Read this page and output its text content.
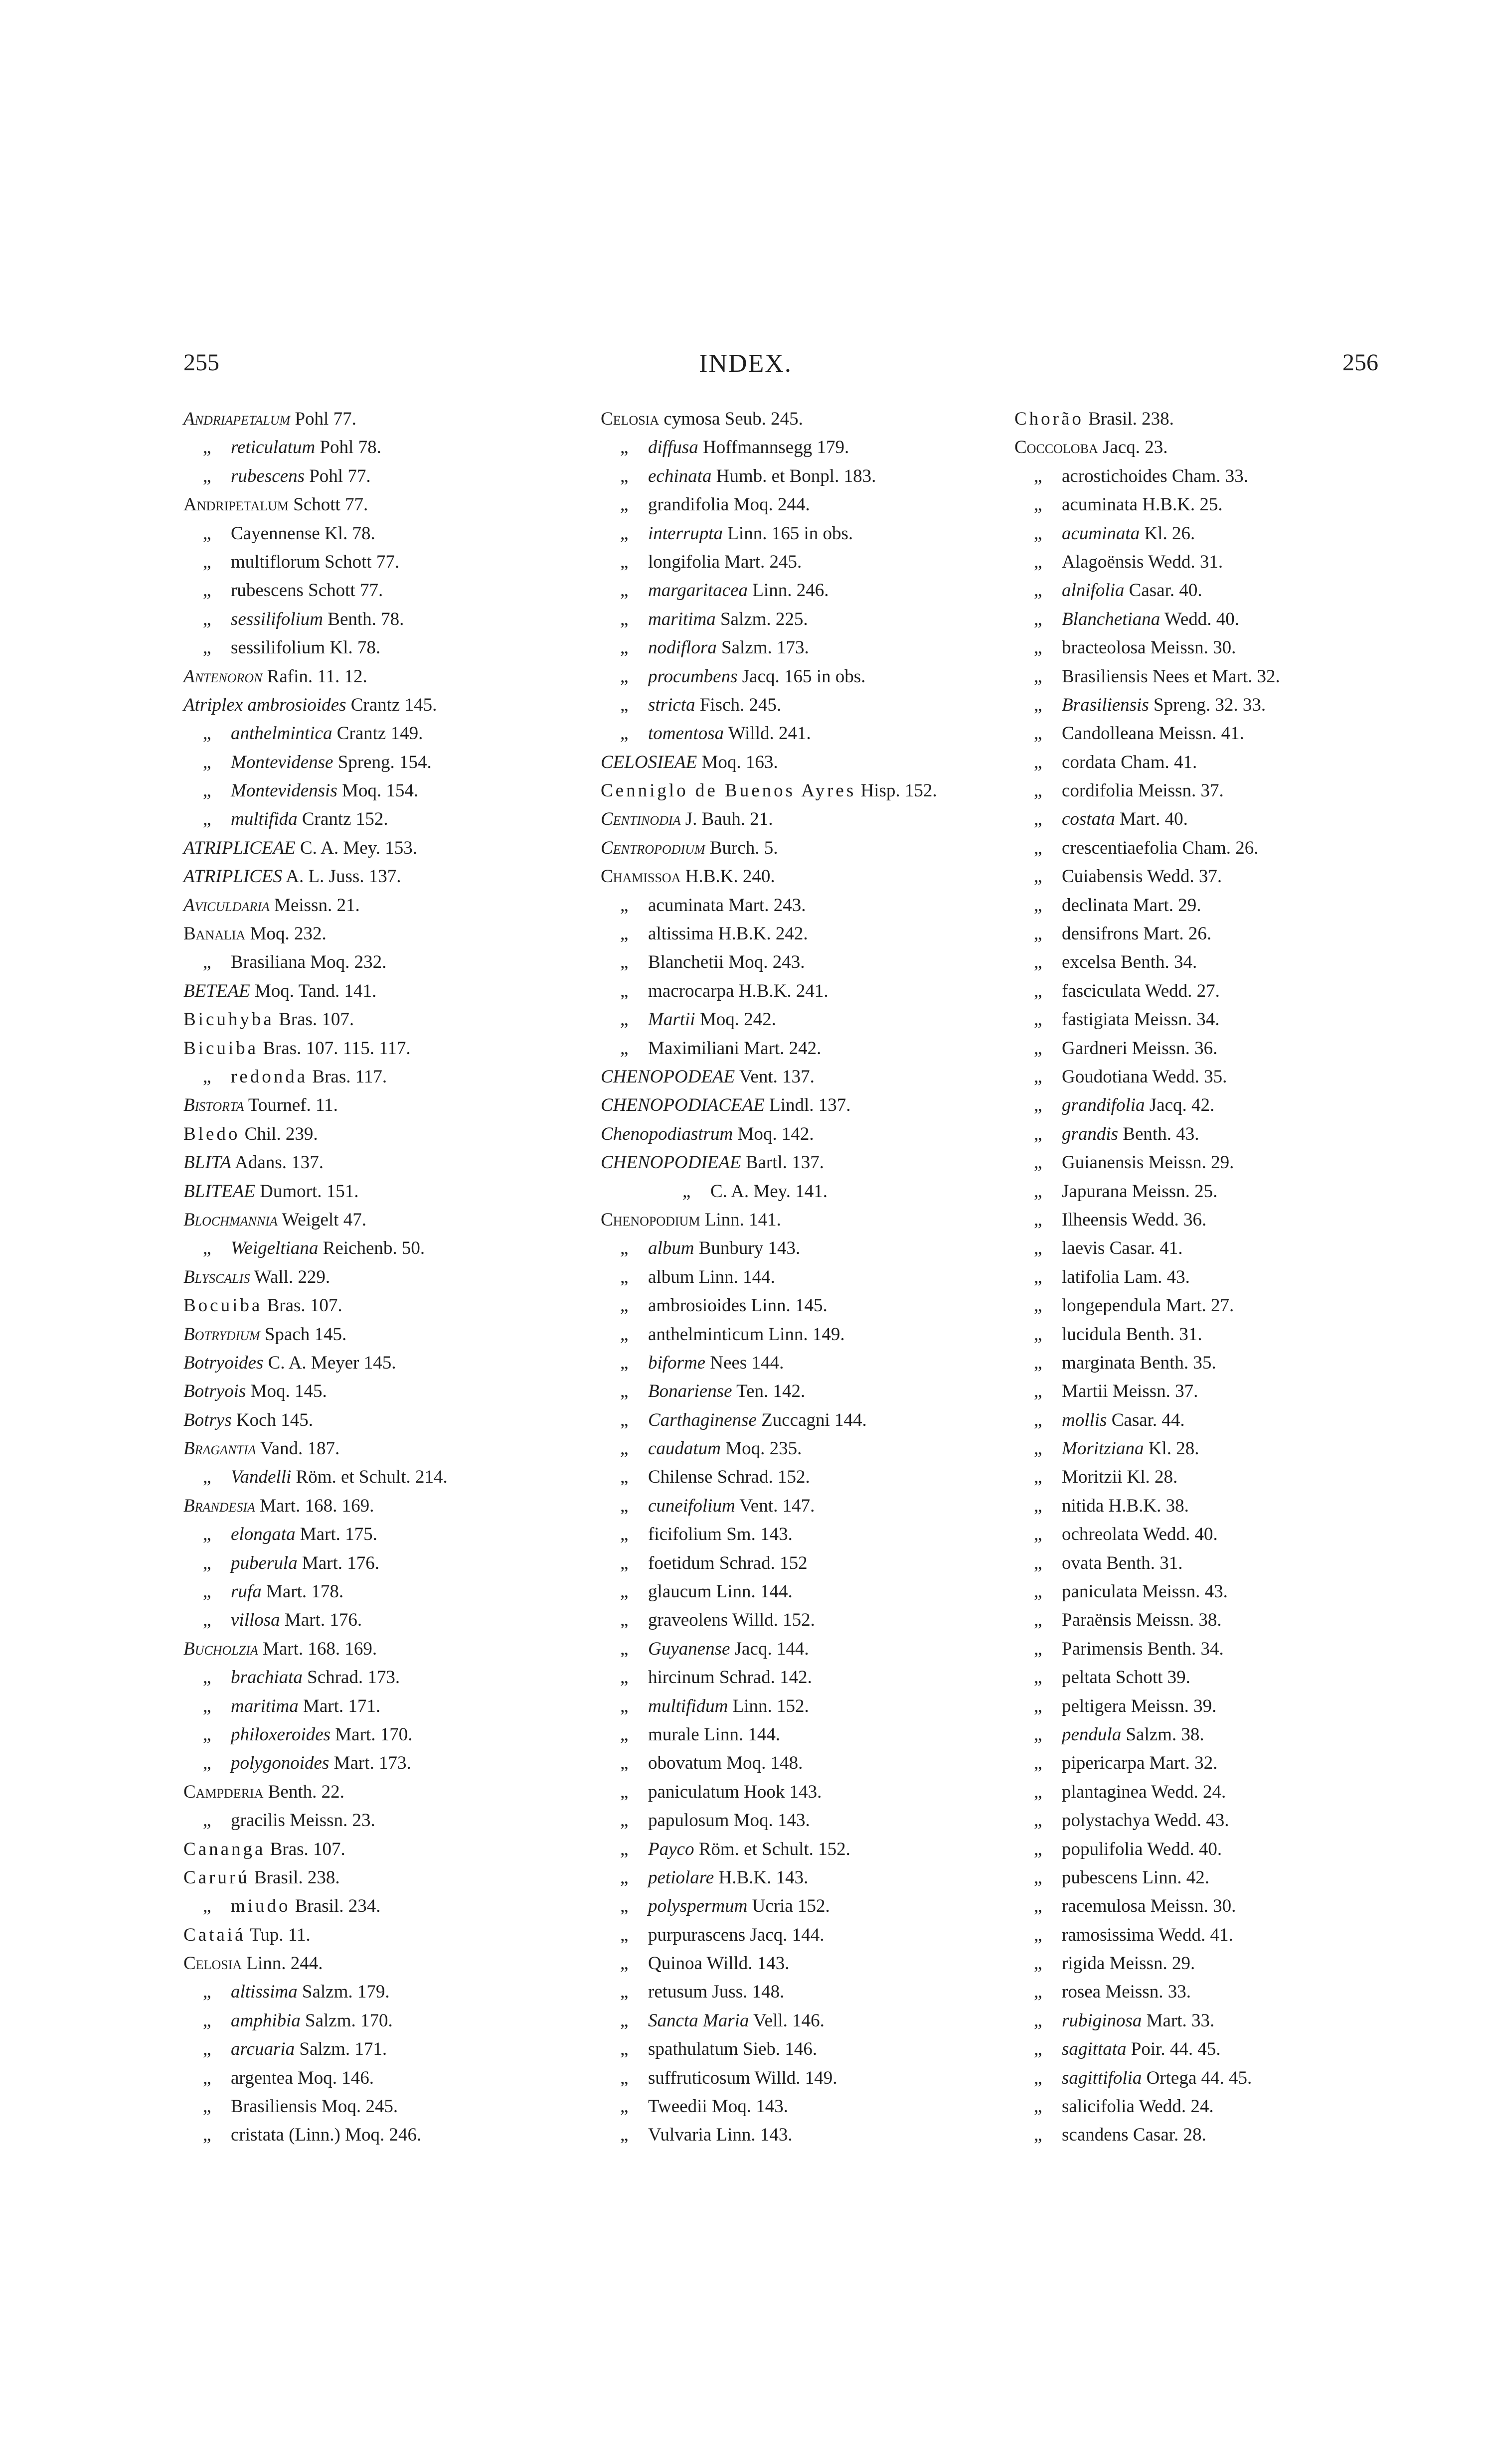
255	INDEX.	256
Andriapetalum Pohl 77.
„ reticulatum Pohl 78.
„ rubescens Pohl 77.
Andripetalum Schott 77.
„ Cayennense Kl. 78.
„ multiflorum Schott 77.
„ rubescens Schott 77.
„ sessilifolium Benth. 78.
„ sessilifolium Kl. 78.
Antenoron Rafin. 11. 12.
Atriplex ambrosioides Crantz 145.
„ anthelmintica Crantz 149.
„ Montevidense Spreng. 154.
„ Montevidensis Moq. 154.
„ multifida Crantz 152.
ATRIPLICEAE C. A. Mey. 153.
ATRIPLICES A. L. Juss. 137.
Aviculdaria Meissn. 21.
Banalia Moq. 232.
„ Brasiliana Moq. 232.
BETEAE Moq. Tand. 141.
Bicuhyba Bras. 107.
Bicuiba Bras. 107. 115. 117.
„ redonda Bras. 117.
Bistorta Tournef. 11.
Bledo Chil. 239.
BLITA Adans. 137.
BLITEAE Dumort. 151.
Blochmannia Weigelt 47.
„ Weigeltiana Reichenb. 50.
Blyscalis Wall. 229.
Bocuiba Bras. 107.
Botrydium Spach 145.
Botryoides C. A. Meyer 145.
Botryois Moq. 145.
Botrys Koch 145.
Bragantia Vand. 187.
„ Vandelli Röm. et Schult. 214.
Brandesia Mart. 168. 169.
„ elongata Mart. 175.
„ puberula Mart. 176.
„ rufa Mart. 178.
„ villosa Mart. 176.
Bucholzia Mart. 168. 169.
„ brachiata Schrad. 173.
„ maritima Mart. 171.
„ philoxeroides Mart. 170.
„ polygonoides Mart. 173.
Campderia Benth. 22.
„ gracilis Meissn. 23.
Cananga Bras. 107.
Carurú Brasil. 238.
„ miudo Brasil. 234.
Cataiá Tup. 11.
Celosia Linn. 244.
„ altissima Salzm. 179.
„ amphibia Salzm. 170.
„ arcuaria Salzm. 171.
„ argentea Moq. 146.
„ Brasiliensis Moq. 245.
„ cristata (Linn.) Moq. 246.
Celosia cymosa Seub. 245.
„ diffusa Hoffmannsegg 179.
„ echinata Humb. et Bonpl. 183.
„ grandifolia Moq. 244.
„ interrupta Linn. 165 in obs.
„ longifolia Mart. 245.
„ margaritacea Linn. 246.
„ maritima Salzm. 225.
„ nodiflora Salzm. 173.
„ procumbens Jacq. 165 in obs.
„ stricta Fisch. 245.
„ tomentosa Willd. 241.
CELOSIEAE Moq. 163.
Cenniglo de Buenos Ayres Hisp. 152.
Centinodia J. Bauh. 21.
Centropodium Burch. 5.
Chamissoa H.B.K. 240.
„ acuminata Mart. 243.
„ altissima H.B.K. 242.
„ Blanchetii Moq. 243.
„ macrocarpa H.B.K. 241.
„ Martii Moq. 242.
„ Maximiliani Mart. 242.
CHENOPODEAE Vent. 137.
CHENOPODIACEAE Lindl. 137.
Chenopodiastrum Moq. 142.
CHENOPODIEAE Bartl. 137.
„ C. A. Mey. 141.
Chenopodium Linn. 141.
„ album Bunbury 143.
„ album Linn. 144.
„ ambrosioides Linn. 145.
„ anthelminticum Linn. 149.
„ biforme Nees 144.
„ Bonariense Ten. 142.
„ Carthaginense Zuccagni 144.
„ caudatum Moq. 235.
„ Chilense Schrad. 152.
„ cuneifolium Vent. 147.
„ ficifolium Sm. 143.
„ foetidum Schrad. 152
„ glaucum Linn. 144.
„ graveolens Willd. 152.
„ Guyanense Jacq. 144.
„ hircinum Schrad. 142.
„ multifidum Linn. 152.
„ murale Linn. 144.
„ obovatum Moq. 148.
„ paniculatum Hook 143.
„ papulosum Moq. 143.
„ Payco Röm. et Schult. 152.
„ petiolare H.B.K. 143.
„ polyspermum Ucria 152.
„ purpurascens Jacq. 144.
„ Quinoa Willd. 143.
„ retusum Juss. 148.
„ Sancta Maria Vell. 146.
„ spathulatum Sieb. 146.
„ suffruticosum Willd. 149.
„ Tweedii Moq. 143.
„ Vulvaria Linn. 143.
Chorão Brasil. 238.
Coccoloba Jacq. 23.
„ acrostichoides Cham. 33.
„ acuminata H.B.K. 25.
„ acuminata Kl. 26.
„ Alagoënsis Wedd. 31.
„ alnifolia Casar. 40.
„ Blanchetiana Wedd. 40.
„ bracteolosa Meissn. 30.
„ Brasiliensis Nees et Mart. 32.
„ Brasiliensis Spreng. 32. 33.
„ Candolleana Meissn. 41.
„ cordata Cham. 41.
„ cordifolia Meissn. 37.
„ costata Mart. 40.
„ crescentiaefolia Cham. 26.
„ Cuiabensis Wedd. 37.
„ declinata Mart. 29.
„ densifrons Mart. 26.
„ excelsa Benth. 34.
„ fasciculata Wedd. 27.
„ fastigiata Meissn. 34.
„ Gardneri Meissn. 36.
„ Goudotiana Wedd. 35.
„ grandifolia Jacq. 42.
„ grandis Benth. 43.
„ Guianensis Meissn. 29.
„ Japurana Meissn. 25.
„ Ilheensis Wedd. 36.
„ laevis Casar. 41.
„ latifolia Lam. 43.
„ longependula Mart. 27.
„ lucidula Benth. 31.
„ marginata Benth. 35.
„ Martii Meissn. 37.
„ mollis Casar. 44.
„ Moritziana Kl. 28.
„ Moritzii Kl. 28.
„ nitida H.B.K. 38.
„ ochreolata Wedd. 40.
„ ovata Benth. 31.
„ paniculata Meissn. 43.
„ Paraënsis Meissn. 38.
„ Parimensis Benth. 34.
„ peltata Schott 39.
„ peltigera Meissn. 39.
„ pendula Salzm. 38.
„ pipericarpa Mart. 32.
„ plantaginea Wedd. 24.
„ polystachya Wedd. 43.
„ populifolia Wedd. 40.
„ pubescens Linn. 42.
„ racemulosa Meissn. 30.
„ ramosissima Wedd. 41.
„ rigida Meissn. 29.
„ rosea Meissn. 33.
„ rubiginosa Mart. 33.
„ sagittata Poir. 44. 45.
„ sagittifolia Ortega 44. 45.
„ salicifolia Wedd. 24.
„ scandens Casar. 28.
